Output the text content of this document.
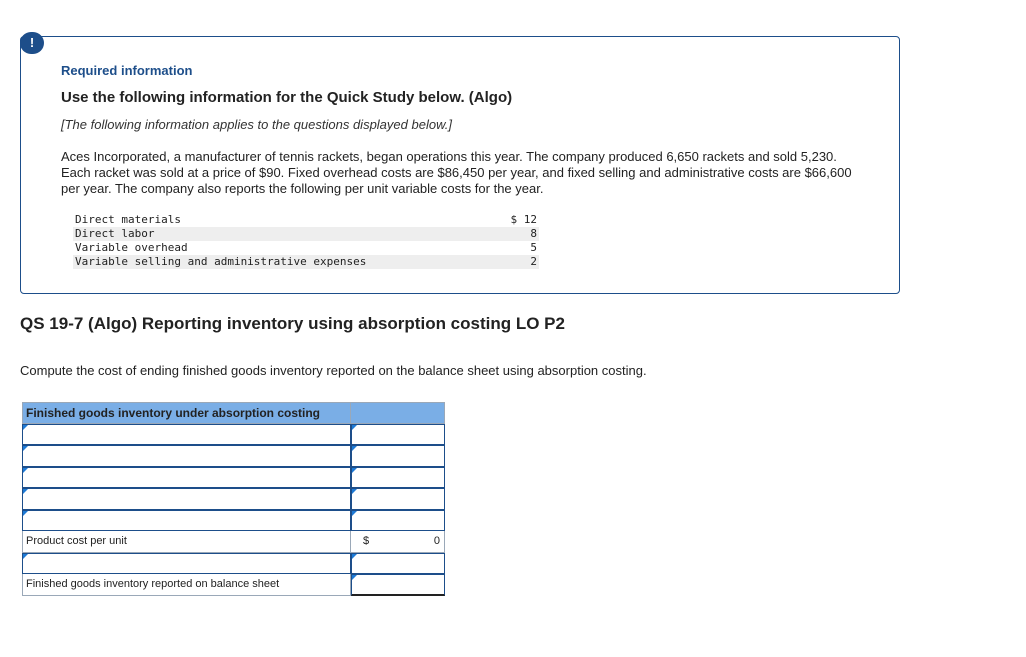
!
Required information
Use the following information for the Quick Study below. (Algo)
[The following information applies to the questions displayed below.]
Aces Incorporated, a manufacturer of tennis rackets, began operations this year. The company produced 6,650 rackets and sold 5,230. Each racket was sold at a price of $90. Fixed overhead costs are $86,450 per year, and fixed selling and administrative costs are $66,600 per year. The company also reports the following per unit variable costs for the year.
Direct materials	$ 12
Direct labor	8
Variable overhead	5
Variable selling and administrative expenses	2
QS 19-7 (Algo) Reporting inventory using absorption costing LO P2
Compute the cost of ending finished goods inventory reported on the balance sheet using absorption costing.
Finished goods inventory under absorption costing
Product cost per unit	$	0
Finished goods inventory reported on balance sheet
